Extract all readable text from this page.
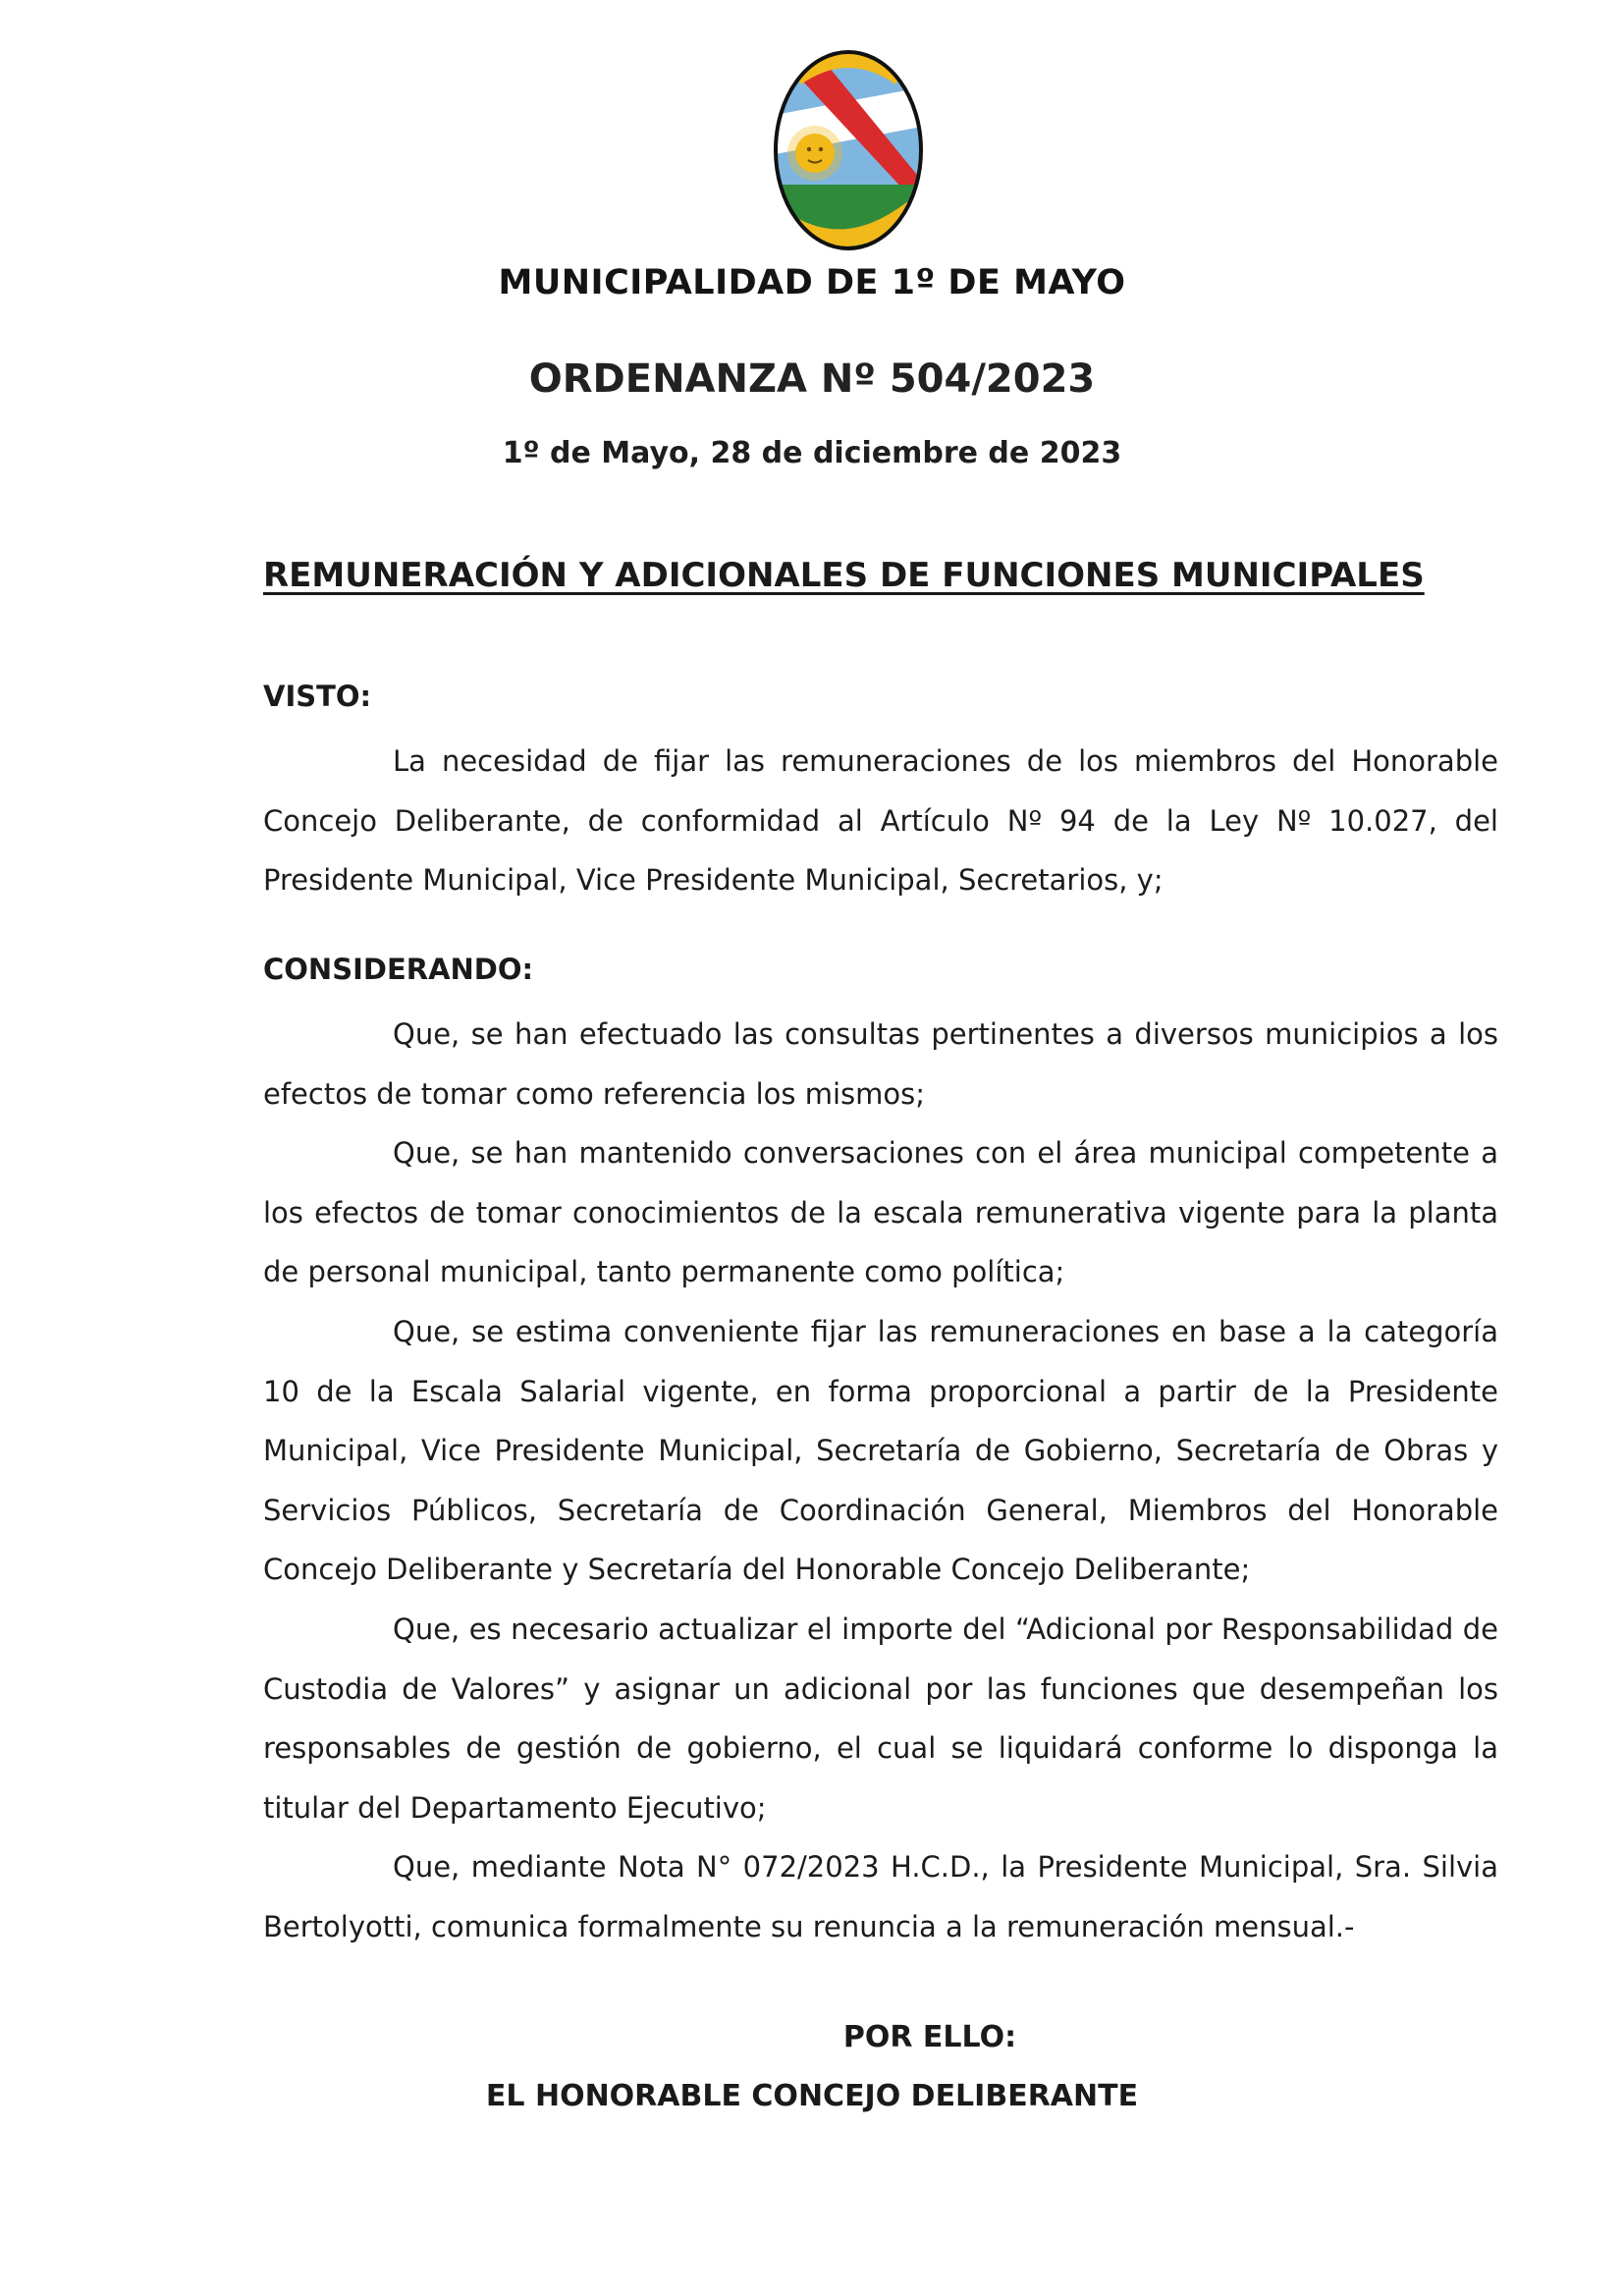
MUNICIPALIDAD DE 1º DE MAYO
ORDENANZA Nº 504/2023
1º de Mayo, 28 de diciembre de 2023
REMUNERACIÓN Y ADICIONALES DE FUNCIONES MUNICIPALES
VISTO:

La necesidad de fijar las remuneraciones de los miembros del Honorable Concejo Deliberante, de conformidad al Artículo Nº 94 de la Ley Nº 10.027, del Presidente Municipal, Vice Presidente Municipal, Secretarios, y;

CONSIDERANDO:

Que, se han efectuado las consultas pertinentes a diversos municipios a los efectos de tomar como referencia los mismos;

Que, se han mantenido conversaciones con el área municipal competente a los efectos de tomar conocimientos de la escala remunerativa vigente para la planta de personal municipal, tanto permanente como política;

Que, se estima conveniente fijar las remuneraciones en base a la categoría 10 de la Escala Salarial vigente, en forma proporcional a partir de la Presidente Municipal, Vice Presidente Municipal, Secretaría de Gobierno, Secretaría de Obras y Servicios Públicos, Secretaría de Coordinación General, Miembros del Honorable Concejo Deliberante y Secretaría del Honorable Concejo Deliberante;

Que, es necesario actualizar el importe del “Adicional por Responsabilidad de Custodia de Valores” y asignar un adicional por las funciones que desempeñan los responsables de gestión de gobierno, el cual se liquidará conforme lo disponga la titular del Departamento Ejecutivo;

Que, mediante Nota N° 072/2023 H.C.D., la Presidente Municipal, Sra. Silvia Bertolyotti, comunica formalmente su renuncia a la remuneración mensual.-

POR ELLO:
EL HONORABLE CONCEJO DELIBERANTE
